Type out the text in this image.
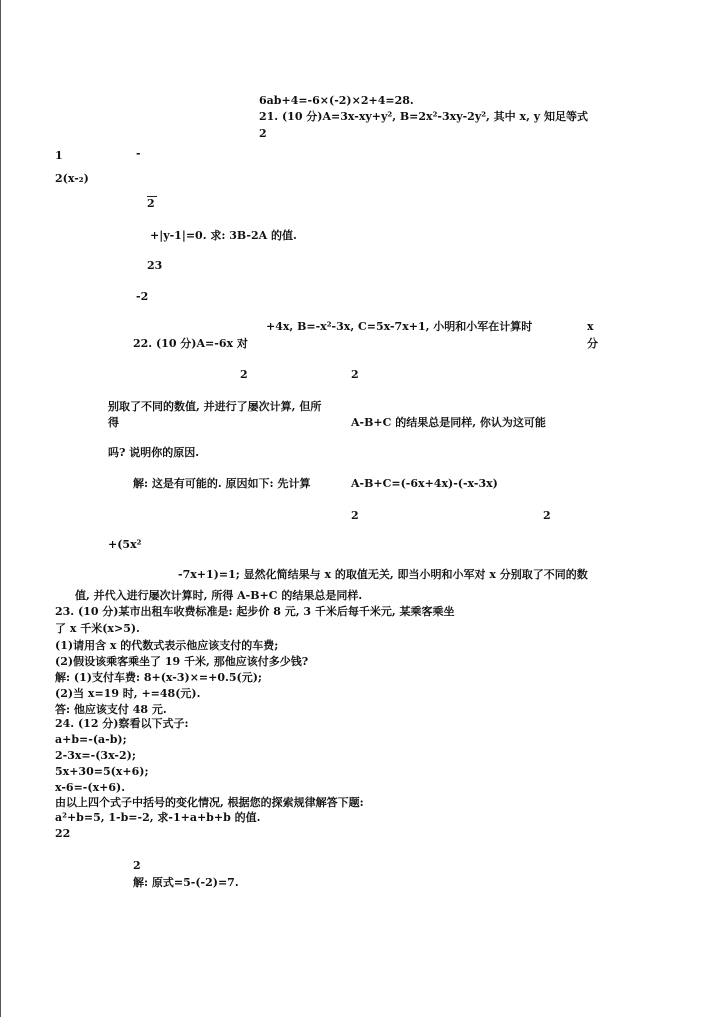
6ab+4=-6×(-2)×2+4=28.
21. (10 分)A=3x-xy+y², B=2x²-3xy-2y², 其中 x, y 知足等式
2
1	-
2(x-₂)
2
+|y-1|=0. 求: 3B-2A 的值.
23
-2
+4x, B=-x²-3x, C=5x-7x+1, 小明和小军在计算时	x
22. (10 分)A=-6x 对	分
2	2
别取了不同的数值, 并进行了屡次计算, 但所
得	A-B+C 的结果总是同样, 你认为这可能
吗? 说明你的原因.
解: 这是有可能的. 原因如下: 先计算	A-B+C=(-6x+4x)-(-x-3x)
2	2
+(5x²
-7x+1)=1; 显然化简结果与 x 的取值无关, 即当小明和小军对 x 分别取了不同的数
值, 并代入进行屡次计算时, 所得 A-B+C 的结果总是同样.
23. (10 分)某市出租车收费标准是: 起步价 8 元, 3 千米后每千米元, 某乘客乘坐
了 x 千米(x>5).
(1)请用含 x 的代数式表示他应该支付的车费;
(2)假设该乘客乘坐了 19 千米, 那他应该付多少钱?
解: (1)支付车费: 8+(x-3)×=+0.5(元);
(2)当 x=19 时, +=48(元).
答: 他应该支付 48 元.
24. (12 分)察看以下式子:
a+b=-(a-b);
2-3x=-(3x-2);
5x+30=5(x+6);
x-6=-(x+6).
由以上四个式子中括号的变化情况, 根据您的探索规律解答下题:
a²+b=5, 1-b=-2, 求-1+a+b+b 的值.
22
2
解: 原式=5-(-2)=7.
